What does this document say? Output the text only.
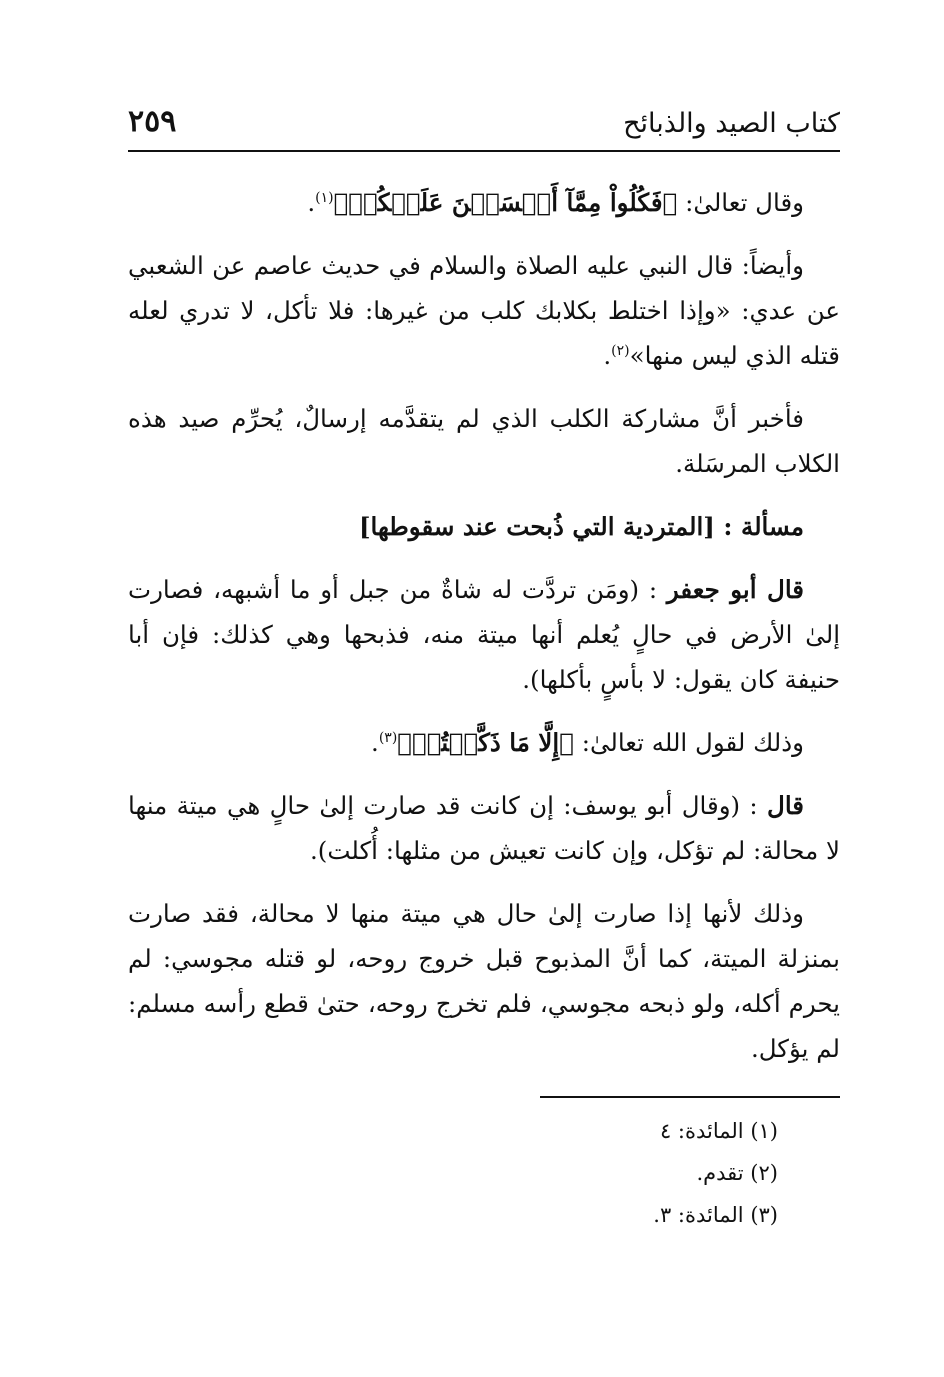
كتاب الصيد والذبائح
٢٥٩

وقال تعالىٰ: ﴿فَكُلُواْ مِمَّآ أَمۡسَكۡنَ عَلَيۡكُمۡ﴾$^{(١)}$.

وأيضاً: قال النبي عليه الصلاة والسلام في حديث عاصم عن الشعبي عن عدي: «وإذا اختلط بكلابك كلب من غيرها: فلا تأكل، لا تدري لعله قتله الذي ليس منها»$^{(٢)}$.

فأخبر أنَّ مشاركة الكلب الذي لم يتقدَّمه إرسالٌ، يُحرِّم صيد هذه الكلاب المرسَلة.

مسألة : [المتردية التي ذُبحت عند سقوطها]

قال أبو جعفر : (ومَن تردَّت له شاةٌ من جبل أو ما أشبهه، فصارت إلىٰ الأرض في حالٍ يُعلم أنها ميتة منه، فذبحها وهي كذلك: فإن أبا حنيفة كان يقول: لا بأسٍ بأكلها).

وذلك لقول الله تعالىٰ: ﴿إِلَّا مَا ذَكَّيۡتُمۡ﴾$^{(٣)}$.

قال : (وقال أبو يوسف: إن كانت قد صارت إلىٰ حالٍ هي ميتة منها لا محالة: لم تؤكل، وإن كانت تعيش من مثلها: أُكلت).

وذلك لأنها إذا صارت إلىٰ حال هي ميتة منها لا محالة، فقد صارت بمنزلة الميتة، كما أنَّ المذبوح قبل خروج روحه، لو قتله مجوسي: لم يحرم أكله، ولو ذبحه مجوسي، فلم تخرج روحه، حتىٰ قطع رأسه مسلم: لم يؤكل.

(١) المائدة: ٤
(٢) تقدم.
(٣) المائدة: ٣.
